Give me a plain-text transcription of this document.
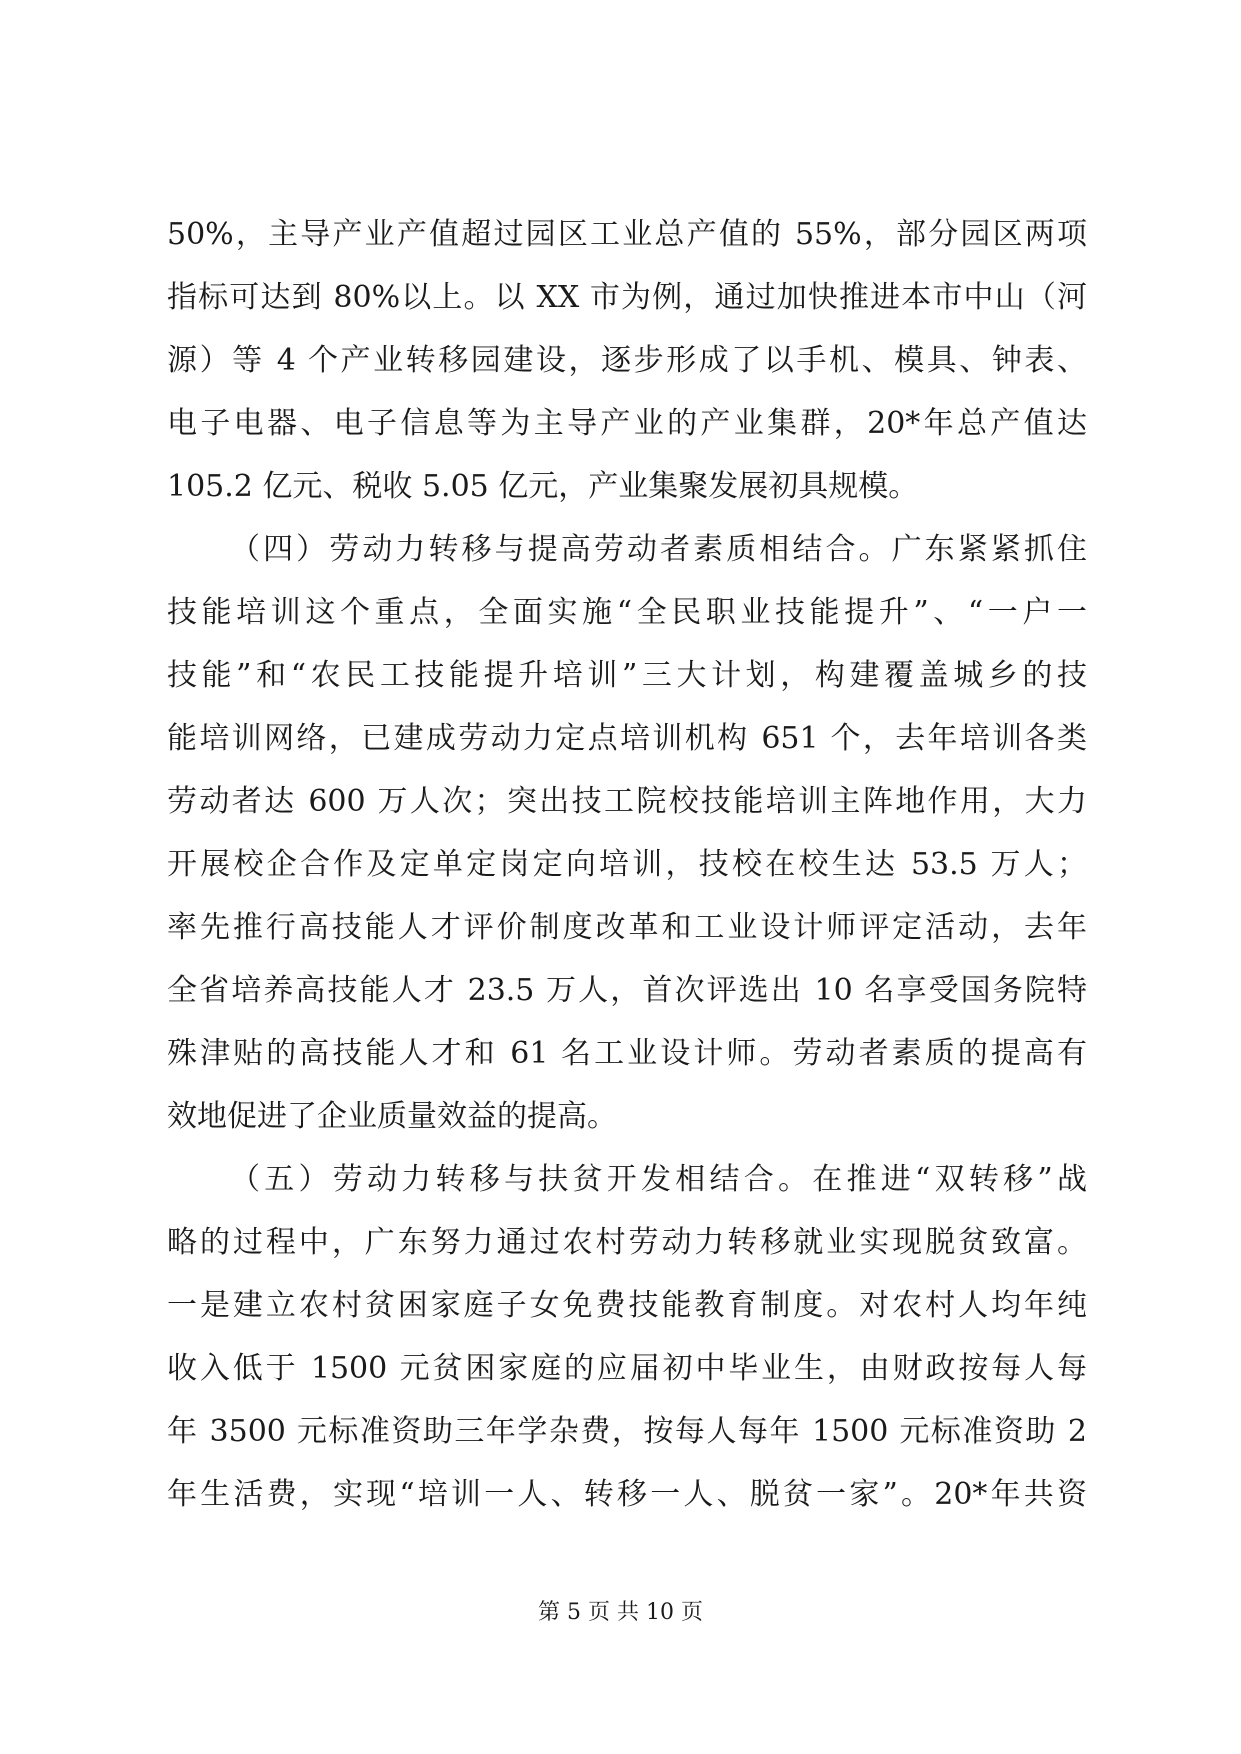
50%，主导产业产值超过园区工业总产值的 55%，部分园区两项
指标可达到 80%以上。以 XX 市为例，通过加快推进本市中山（河
源）等 4 个产业转移园建设，逐步形成了以手机、模具、钟表、
电子电器、电子信息等为主导产业的产业集群，20*年总产值达
105.2 亿元、税收 5.05 亿元，产业集聚发展初具规模。
（四）劳动力转移与提高劳动者素质相结合。广东紧紧抓住
技能培训这个重点，全面实施“全民职业技能提升”、“一户一
技能”和“农民工技能提升培训”三大计划，构建覆盖城乡的技
能培训网络，已建成劳动力定点培训机构 651 个，去年培训各类
劳动者达 600 万人次；突出技工院校技能培训主阵地作用，大力
开展校企合作及定单定岗定向培训，技校在校生达 53.5 万人；
率先推行高技能人才评价制度改革和工业设计师评定活动，去年
全省培养高技能人才 23.5 万人，首次评选出 10 名享受国务院特
殊津贴的高技能人才和 61 名工业设计师。劳动者素质的提高有
效地促进了企业质量效益的提高。
（五）劳动力转移与扶贫开发相结合。在推进“双转移”战
略的过程中，广东努力通过农村劳动力转移就业实现脱贫致富。
一是建立农村贫困家庭子女免费技能教育制度。对农村人均年纯
收入低于 1500 元贫困家庭的应届初中毕业生，由财政按每人每
年 3500 元标准资助三年学杂费，按每人每年 1500 元标准资助 2
年生活费，实现“培训一人、转移一人、脱贫一家”。20*年共资
第 5 页 共 10 页
